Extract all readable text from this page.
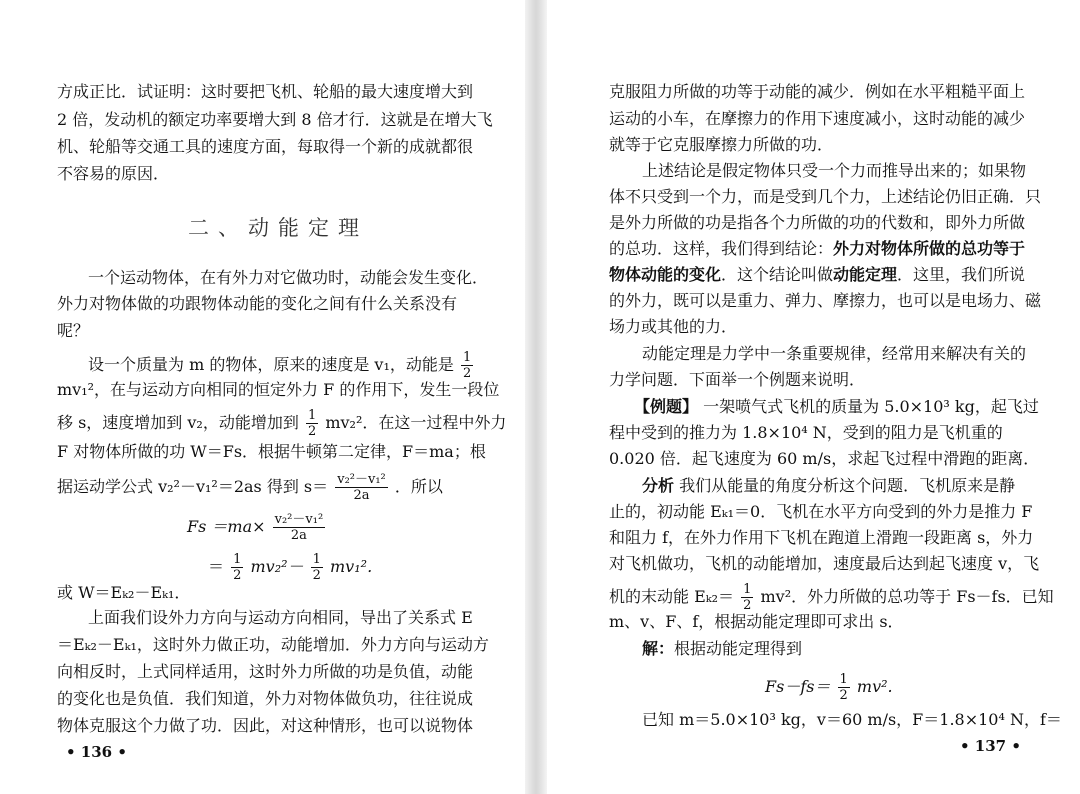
方成正比．试证明：这时要把飞机、轮船的最大速度增大到
2 倍，发动机的额定功率要增大到 8 倍才行．这就是在增大飞
机、轮船等交通工具的速度方面，每取得一个新的成就都很
不容易的原因．
二、动能定理
一个运动物体，在有外力对它做功时，动能会发生变化．
外力对物体做的功跟物体动能的变化之间有什么关系没有
呢？
设一个质量为 m 的物体，原来的速度是 v₁，动能是 $\frac{1}{2}$
mv₁²，在与运动方向相同的恒定外力 F 的作用下，发生一段位
移 s，速度增加到 v₂，动能增加到 $\frac{1}{2} mv_2^2$．在这一过程中外力
F 对物体所做的功 W＝Fs．根据牛顿第二定律，F＝ma；根
据运动学公式 v₂²－v₁²＝2as 得到 $s= \frac{\text{v₂²－v₁²}}{2a}$ ．所以
$Fs =ma\times \frac{\text{v₂²－v₁²}}{2a}$
＝ $\frac{1}{2} mv_2^2- \frac{1}{2} mv_1^2$．
或 W＝Eₖ₂－Eₖ₁．
上面我们设外力方向与运动方向相同，导出了关系式 E
＝Eₖ₂－Eₖ₁，这时外力做正功，动能增加．外力方向与运动方
向相反时，上式同样适用，这时外力所做的功是负值，动能
的变化也是负值．我们知道，外力对物体做负功，往往说成
物体克服这个力做了功．因此，对这种情形，也可以说物体
• 136 •
克服阻力所做的功等于动能的减少．例如在水平粗糙平面上
运动的小车，在摩擦力的作用下速度减小，这时动能的减少
就等于它克服摩擦力所做的功．
上述结论是假定物体只受一个力而推导出来的；如果物
体不只受到一个力，而是受到几个力，上述结论仍旧正确．只
是外力所做的功是指各个力所做的功的代数和，即外力所做
的总功．这样，我们得到结论：外力对物体所做的总功等于
物体动能的变化．这个结论叫做动能定理．这里，我们所说
的外力，既可以是重力、弹力、摩擦力，也可以是电场力、磁
场力或其他的力．
动能定理是力学中一条重要规律，经常用来解决有关的
力学问题．下面举一个例题来说明．
【例题】 一架喷气式飞机的质量为 5.0×10³ kg，起飞过
程中受到的推力为 1.8×10⁴ N，受到的阻力是飞机重的
0.020 倍．起飞速度为 60 m/s，求起飞过程中滑跑的距离．
分析 我们从能量的角度分析这个问题．飞机原来是静
止的，初动能 Eₖ₁＝0．飞机在水平方向受到的外力是推力 F
和阻力 f，在外力作用下飞机在跑道上滑跑一段距离 s，外力
对飞机做功，飞机的动能增加，速度最后达到起飞速度 v，飞
机的末动能 $E_{k2}= \frac{1}{2} mv^2$．外力所做的总功等于 Fs－fs．已知
m、v、F、f，根据动能定理即可求出 s．
解：根据动能定理得到
$Fs-fs= \frac{1}{2} mv^2$.
已知 m＝5.0×10³ kg，v＝60 m/s，F＝1.8×10⁴ N，f＝
• 137 •
